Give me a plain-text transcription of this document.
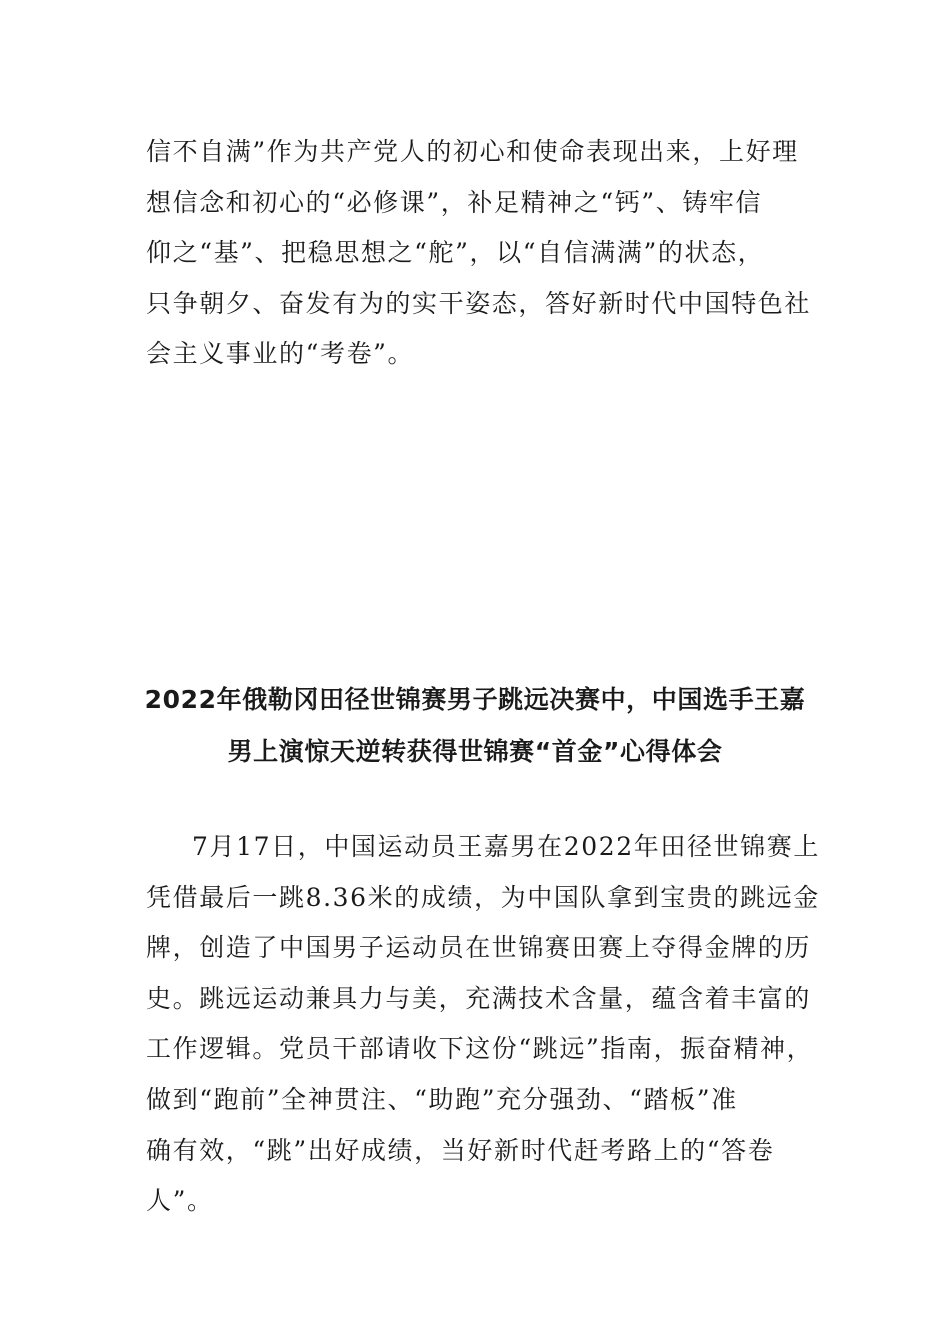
信不自满”作为共产党人的初心和使命表现出来，上好理
想信念和初心的“必修课”，补足精神之“钙”、铸牢信
仰之“基”、把稳思想之“舵”，以“自信满满”的状态，
只争朝夕、奋发有为的实干姿态，答好新时代中国特色社
会主义事业的“考卷”。
2022年俄勒冈田径世锦赛男子跳远决赛中，中国选手王嘉
男上演惊天逆转获得世锦赛“首金”心得体会
7月17日，中国运动员王嘉男在2022年田径世锦赛上
凭借最后一跳8.36米的成绩，为中国队拿到宝贵的跳远金
牌，创造了中国男子运动员在世锦赛田赛上夺得金牌的历
史。跳远运动兼具力与美，充满技术含量，蕴含着丰富的
工作逻辑。党员干部请收下这份“跳远”指南，振奋精神，
做到“跑前”全神贯注、“助跑”充分强劲、“踏板”准
确有效，“跳”出好成绩，当好新时代赶考路上的“答卷
人”。
